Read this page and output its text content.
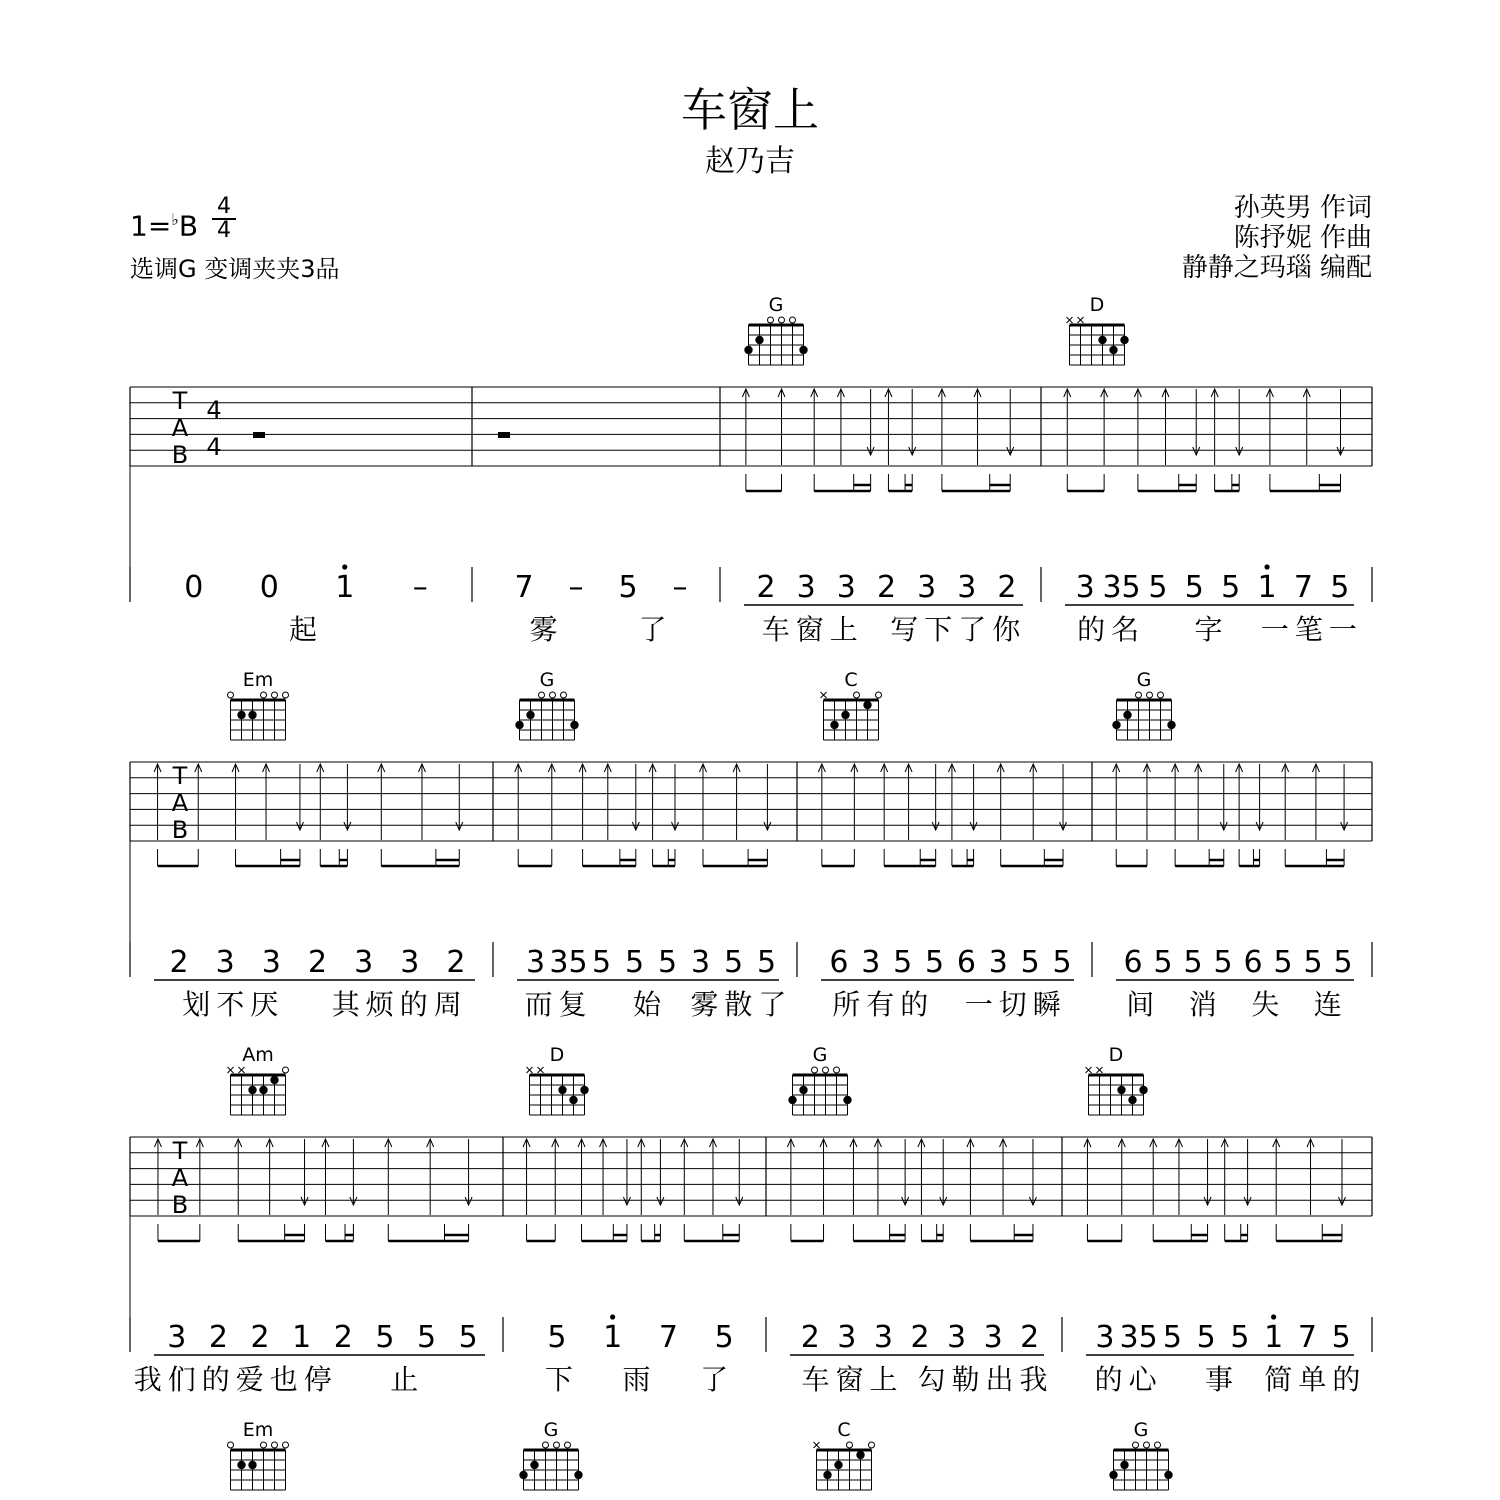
车窗上
赵乃吉
1=♭B
4
4
选调G 变调夹夹3品
孙英男 作词
陈抒妮 作曲
静静之玛瑙 编配
T
A
B
4
4
0 0 1 –
起
7 – 5 –
雾	了
2 3 3 2 3 3 2
车窗上 写下了你
3 35 5 5 5 1 7 5
的名 字 一笔一
T
A
B
2 3 3 2 3 3 2
划不厌 其烦的周
3 35 5 5 5 3 5 5
而复 始 雾散了
6 3 5 5 6 3 5 5
所有的 一切瞬
6 5 5 5 6 5 5 5
间 消 失 连
T
A
B
3 2 2 1 2 5 5 5
我们的爱也停 止
5 1 7 5
下 雨 了
2 3 3 2 3 3 2
车窗上 勾勒出我
3 35 5 5 5 1 7 5
的心 事 简单的
G	D
Em	G	C	G
Am	D	G	D
Em	G	C	G
